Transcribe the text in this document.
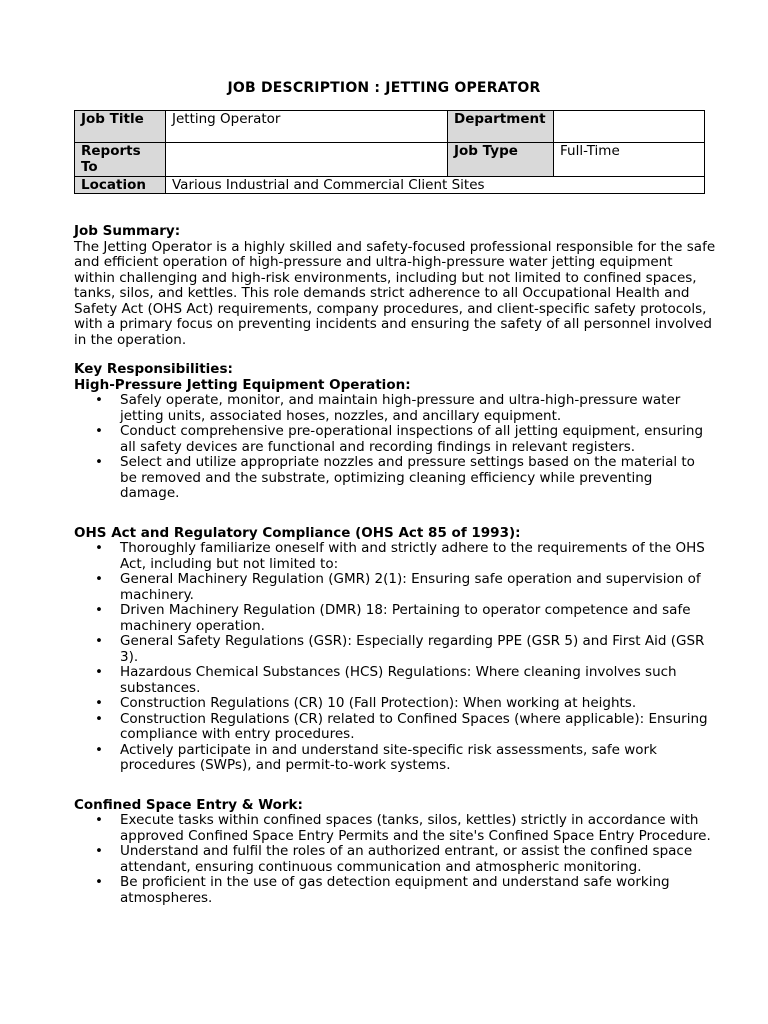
JOB DESCRIPTION : JETTING OPERATOR
Job Title	Jetting Operator	Department	
Reports To		Job Type	Full-Time
Location	Various Industrial and Commercial Client Sites		
Job Summary:

The Jetting Operator is a highly skilled and safety-focused professional responsible for the safe and efficient operation of high-pressure and ultra-high-pressure water jetting equipment within challenging and high-risk environments, including but not limited to confined spaces, tanks, silos, and kettles. This role demands strict adherence to all Occupational Health and Safety Act (OHS Act) requirements, company procedures, and client-specific safety protocols, with a primary focus on preventing incidents and ensuring the safety of all personnel involved in the operation.

Key Responsibilities:
High-Pressure Jetting Equipment Operation:
• Safely operate, monitor, and maintain high-pressure and ultra-high-pressure water jetting units, associated hoses, nozzles, and ancillary equipment.
• Conduct comprehensive pre-operational inspections of all jetting equipment, ensuring all safety devices are functional and recording findings in relevant registers.
• Select and utilize appropriate nozzles and pressure settings based on the material to be removed and the substrate, optimizing cleaning efficiency while preventing damage.
OHS Act and Regulatory Compliance (OHS Act 85 of 1993):
• Thoroughly familiarize oneself with and strictly adhere to the requirements of the OHS Act, including but not limited to:
• General Machinery Regulation (GMR) 2(1): Ensuring safe operation and supervision of machinery.
• Driven Machinery Regulation (DMR) 18: Pertaining to operator competence and safe machinery operation.
• General Safety Regulations (GSR): Especially regarding PPE (GSR 5) and First Aid (GSR 3).
• Hazardous Chemical Substances (HCS) Regulations: Where cleaning involves such substances.
• Construction Regulations (CR) 10 (Fall Protection): When working at heights.
• Construction Regulations (CR) related to Confined Spaces (where applicable): Ensuring compliance with entry procedures.
• Actively participate in and understand site-specific risk assessments, safe work procedures (SWPs), and permit-to-work systems.
Confined Space Entry & Work:
• Execute tasks within confined spaces (tanks, silos, kettles) strictly in accordance with approved Confined Space Entry Permits and the site's Confined Space Entry Procedure.
• Understand and fulfil the roles of an authorized entrant, or assist the confined space attendant, ensuring continuous communication and atmospheric monitoring.
• Be proficient in the use of gas detection equipment and understand safe working atmospheres.
